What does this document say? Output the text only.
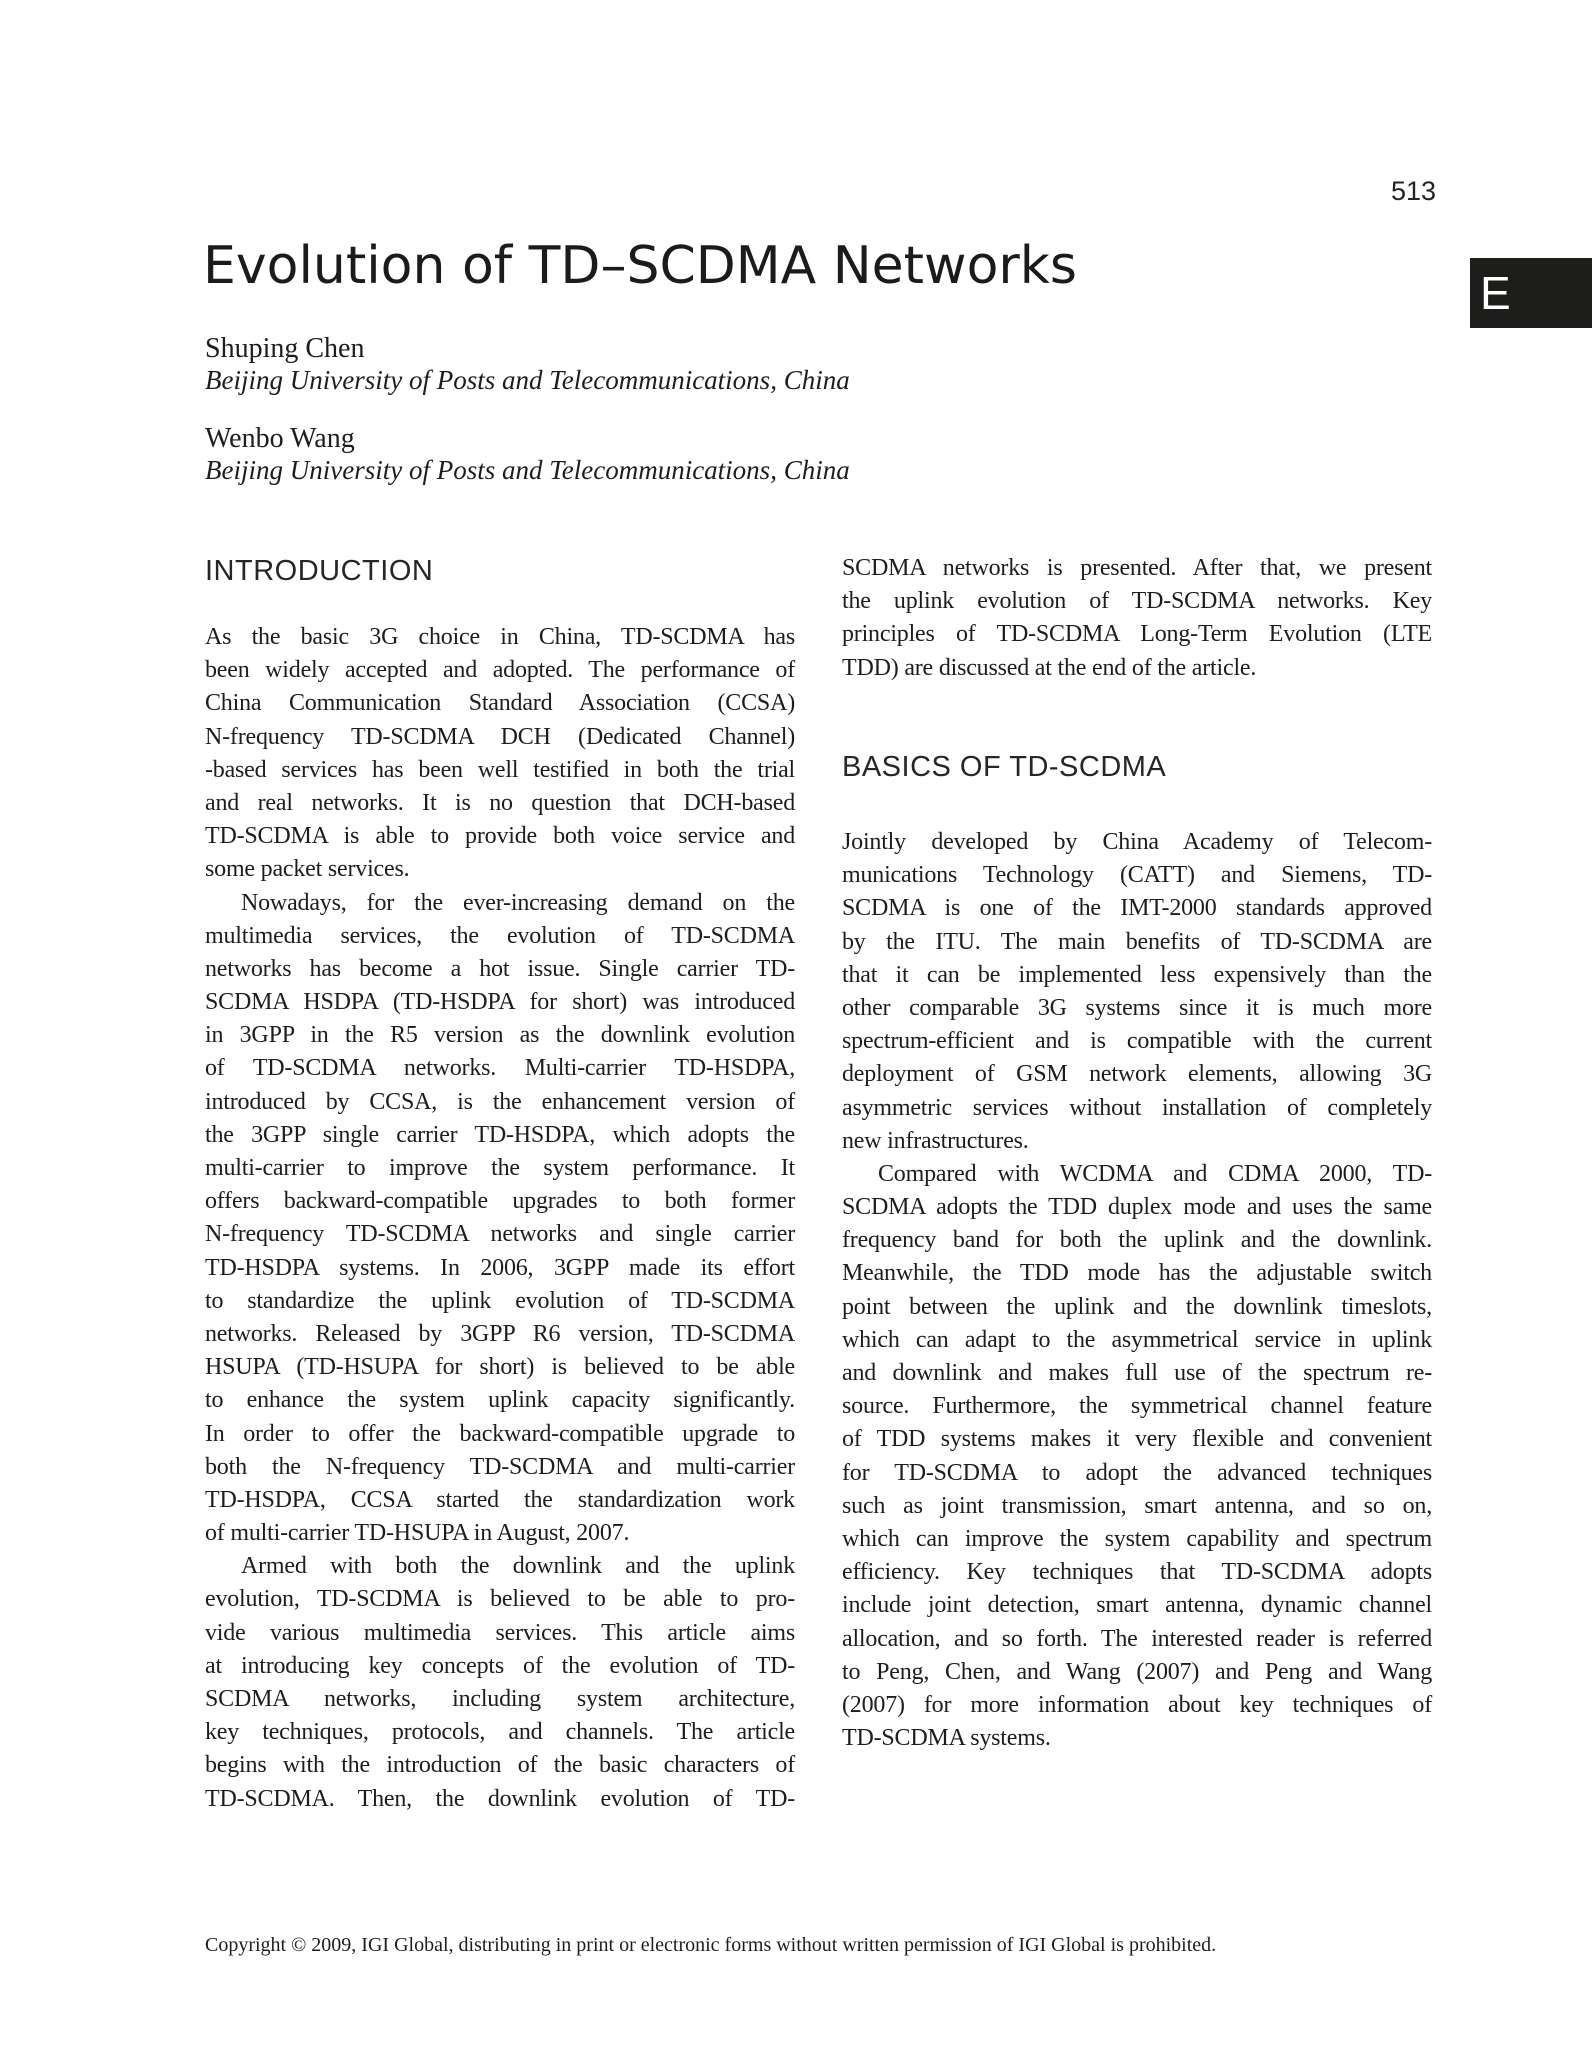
513
E
Evolution of TD–SCDMA Networks
Shuping Chen
Beijing University of Posts and Telecommunications, China
Wenbo Wang
Beijing University of Posts and Telecommunications, China
INTRODUCTION
As the basic 3G choice in China, TD-SCDMA has
been widely accepted and adopted. The performance of
China Communication Standard Association (CCSA)
N-frequency TD-SCDMA DCH (Dedicated Channel)
-based services has been well testified in both the trial
and real networks. It is no question that DCH-based
TD-SCDMA is able to provide both voice service and
some packet services.
Nowadays, for the ever-increasing demand on the
multimedia services, the evolution of TD-SCDMA
networks has become a hot issue. Single carrier TD-
SCDMA HSDPA (TD-HSDPA for short) was introduced
in 3GPP in the R5 version as the downlink evolution
of TD-SCDMA networks. Multi-carrier TD-HSDPA,
introduced by CCSA, is the enhancement version of
the 3GPP single carrier TD-HSDPA, which adopts the
multi-carrier to improve the system performance. It
offers backward-compatible upgrades to both former
N-frequency TD-SCDMA networks and single carrier
TD-HSDPA systems. In 2006, 3GPP made its effort
to standardize the uplink evolution of TD-SCDMA
networks. Released by 3GPP R6 version, TD-SCDMA
HSUPA (TD-HSUPA for short) is believed to be able
to enhance the system uplink capacity significantly.
In order to offer the backward-compatible upgrade to
both the N-frequency TD-SCDMA and multi-carrier
TD-HSDPA, CCSA started the standardization work
of multi-carrier TD-HSUPA in August, 2007.
Armed with both the downlink and the uplink
evolution, TD-SCDMA is believed to be able to pro-
vide various multimedia services. This article aims
at introducing key concepts of the evolution of TD-
SCDMA networks, including system architecture,
key techniques, protocols, and channels. The article
begins with the introduction of the basic characters of
TD-SCDMA. Then, the downlink evolution of TD-
SCDMA networks is presented. After that, we present
the uplink evolution of TD-SCDMA networks. Key
principles of TD-SCDMA Long-Term Evolution (LTE
TDD) are discussed at the end of the article.
BASICS OF TD-SCDMA
Jointly developed by China Academy of Telecom-
munications Technology (CATT) and Siemens, TD-
SCDMA is one of the IMT-2000 standards approved
by the ITU. The main benefits of TD-SCDMA are
that it can be implemented less expensively than the
other comparable 3G systems since it is much more
spectrum-efficient and is compatible with the current
deployment of GSM network elements, allowing 3G
asymmetric services without installation of completely
new infrastructures.
Compared with WCDMA and CDMA 2000, TD-
SCDMA adopts the TDD duplex mode and uses the same
frequency band for both the uplink and the downlink.
Meanwhile, the TDD mode has the adjustable switch
point between the uplink and the downlink timeslots,
which can adapt to the asymmetrical service in uplink
and downlink and makes full use of the spectrum re-
source. Furthermore, the symmetrical channel feature
of TDD systems makes it very flexible and convenient
for TD-SCDMA to adopt the advanced techniques
such as joint transmission, smart antenna, and so on,
which can improve the system capability and spectrum
efficiency. Key techniques that TD-SCDMA adopts
include joint detection, smart antenna, dynamic channel
allocation, and so forth. The interested reader is referred
to Peng, Chen, and Wang (2007) and Peng and Wang
(2007) for more information about key techniques of
TD-SCDMA systems.
Copyright © 2009, IGI Global, distributing in print or electronic forms without written permission of IGI Global is prohibited.
